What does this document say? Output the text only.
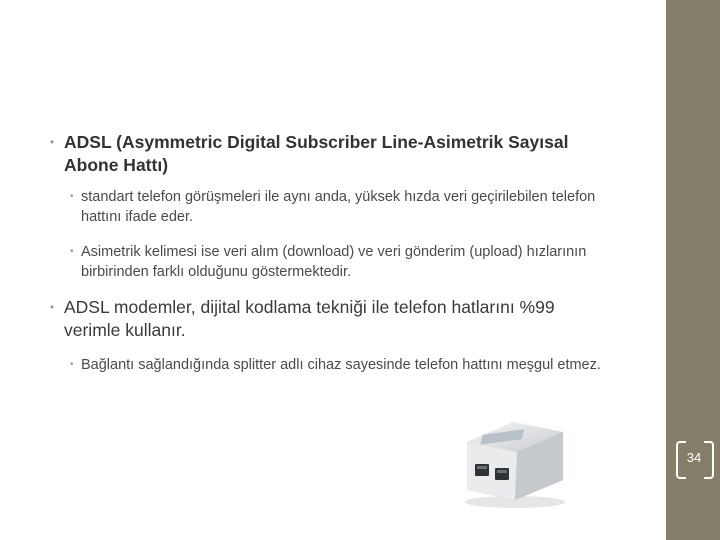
• ADSL (Asymmetric Digital Subscriber Line-Asimetrik Sayısal Abone Hattı)
• standart telefon görüşmeleri ile aynı anda, yüksek hızda veri geçirilebilen telefon hattını ifade eder.
• Asimetrik kelimesi ise veri alım (download) ve veri gönderim (upload) hızlarının birbirinden farklı olduğunu göstermektedir.
• ADSL modemler, dijital kodlama tekniği ile telefon hatlarını %99 verimle kullanır.
• Bağlantı sağlandığında splitter adlı cihaz sayesinde telefon hattını meşgul etmez.
34
